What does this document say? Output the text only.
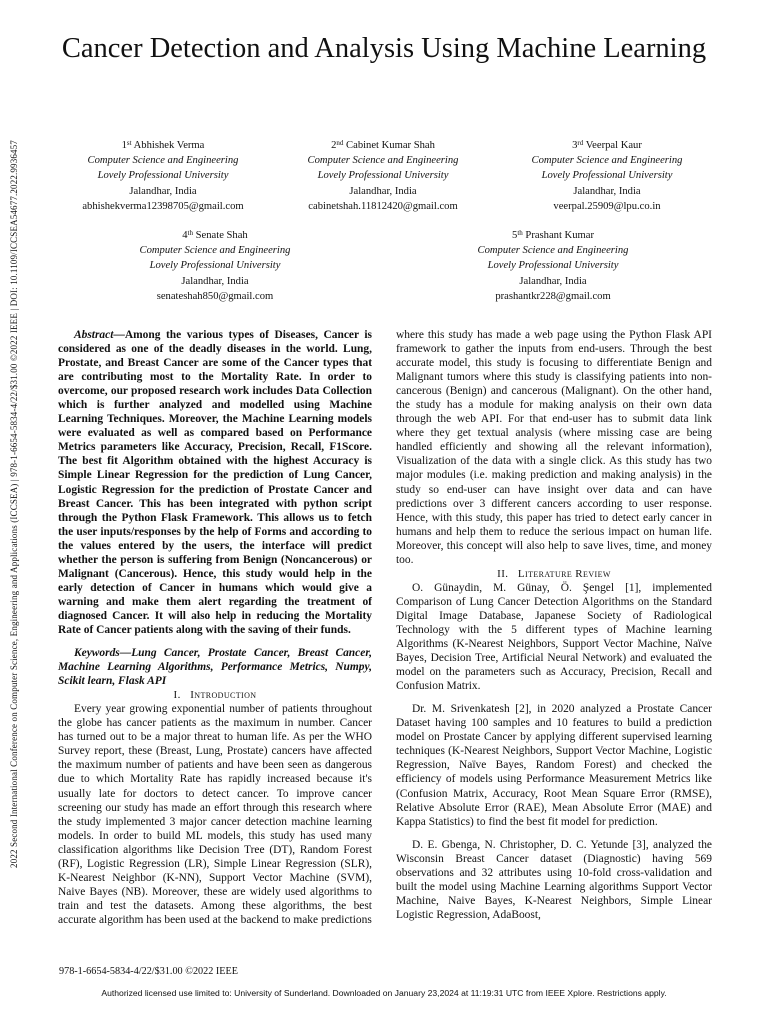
Cancer Detection and Analysis Using Machine Learning
2022 Second International Conference on Computer Science, Engineering and Applications (ICCSEA) | 978-1-6654-5834-4/22/$31.00 ©2022 IEEE | DOI: 10.1109/ICCSEA54677.2022.9936457	1st Abhishek Verma
Computer Science and Engineering
Lovely Professional University
Jalandhar, India
abhishekverma12398705@gmail.com
2nd Cabinet Kumar Shah
Computer Science and Engineering
Lovely Professional University
Jalandhar, India
cabinetshah.11812420@gmail.com
3rd Veerpal Kaur
Computer Science and Engineering
Lovely Professional University
Jalandhar, India
veerpal.25909@lpu.co.in
4th Senate Shah
Computer Science and Engineering
Lovely Professional University
Jalandhar, India
senateshah850@gmail.com
5th Prashant Kumar
Computer Science and Engineering
Lovely Professional University
Jalandhar, India
prashantkr228@gmail.com

Abstract—Among the various types of Diseases, Cancer is considered as one of the deadly diseases in the world. Lung, Prostate, and Breast Cancer are some of the Cancer types that are contributing most to the Mortality Rate. In order to overcome, our proposed research work includes Data Collection which is further analyzed and modelled using Machine Learning Techniques. Moreover, the Machine Learning models were evaluated as well as compared based on Performance Metrics parameters like Accuracy, Precision, Recall, F1Score. The best fit Algorithm obtained with the highest Accuracy is Simple Linear Regression for the prediction of Lung Cancer, Logistic Regression for the prediction of Prostate Cancer and Breast Cancer. This has been integrated with python script through the Python Flask Framework. This allows us to fetch the user inputs/responses by the help of Forms and according to the values entered by the users, the interface will predict whether the person is suffering from Benign (Noncancerous) or Malignant (Cancerous). Hence, this study would help in the early detection of Cancer in humans which would give a warning and make them alert regarding the treatment of diagnosed Cancer. It will also help in reducing the Mortality Rate of Cancer patients along with the saving of their funds.

Keywords—Lung Cancer, Prostate Cancer, Breast Cancer, Machine Learning Algorithms, Performance Metrics, Numpy, Scikit learn, Flask API

I. Introduction

Every year growing exponential number of patients throughout the globe has cancer patients as the maximum in number. Cancer has turned out to be a major threat to human life. As per the WHO Survey report, these (Breast, Lung, Prostate) cancers have affected the maximum number of patients and have been seen as dangerous due to which Mortality Rate has rapidly increased because it's usually late for doctors to detect cancer. To improve cancer screening our study has made an effort through this research where the study implemented 3 major cancer detection machine learning models. In order to build ML models, this study has used many classification algorithms like Decision Tree (DT), Random Forest (RF), Logistic Regression (LR), Simple Linear Regression (SLR), K-Nearest Neighbor (K-NN), Support Vector Machine (SVM), Naive Bayes (NB). Moreover, these are widely used algorithms to train and test the datasets. Among these algorithms, the best accurate algorithm has been used at the backend to make predictions

where this study has made a web page using the Python Flask API framework to gather the inputs from end-users. Through the best accurate model, this study is focusing to differentiate Benign and Malignant tumors where this study is classifying patients into non-cancerous (Benign) and cancerous (Malignant). On the other hand, the study has a module for making analysis on their own data through the web API. For that end-user has to submit data link where they get textual analysis (where missing case are being handled efficiently and showing all the relevant information), Visualization of the data with a single click. As this study has two major modules (i.e. making prediction and making analysis) in the study so end-user can have insight over data and can have predictions over 3 different cancers according to user response. Hence, with this study, this paper has tried to detect early cancer in humans and help them to reduce the serious impact on human life. Moreover, this concept will also help to save lives, time, and money too.

II. Literature Review

O. Günaydin, M. Günay, Ö. Şengel [1], implemented Comparison of Lung Cancer Detection Algorithms on the Standard Digital Image Database, Japanese Society of Radiological Technology with the 5 different types of Machine learning Algorithms (K-Nearest Neighbors, Support Vector Machine, Naïve Bayes, Decision Tree, Artificial Neural Network) and evaluated the model on the parameters such as Accuracy, Precision, Recall and Confusion Matrix.

Dr. M. Srivenkatesh [2], in 2020 analyzed a Prostate Cancer Dataset having 100 samples and 10 features to build a prediction model on Prostate Cancer by applying different supervised learning techniques (K-Nearest Neighbors, Support Vector Machine, Logistic Regression, Naïve Bayes, Random Forest) and checked the efficiency of models using Performance Measurement Metrics like (Confusion Matrix, Accuracy, Root Mean Square Error (RMSE), Relative Absolute Error (RAE), Mean Absolute Error (MAE) and Kappa Statistics) to find the best fit model for prediction.

D. E. Gbenga, N. Christopher, D. C. Yetunde [3], analyzed the Wisconsin Breast Cancer dataset (Diagnostic) having 569 observations and 32 attributes using 10-fold cross-validation and built the model using Machine Learning algorithms Support Vector Machine, Naive Bayes, K-Nearest Neighbors, Simple Linear Logistic Regression, AdaBoost,

978-1-6654-5834-4/22/$31.00 ©2022 IEEE
Authorized licensed use limited to: University of Sunderland. Downloaded on January 23,2024 at 11:19:31 UTC from IEEE Xplore. Restrictions apply.
